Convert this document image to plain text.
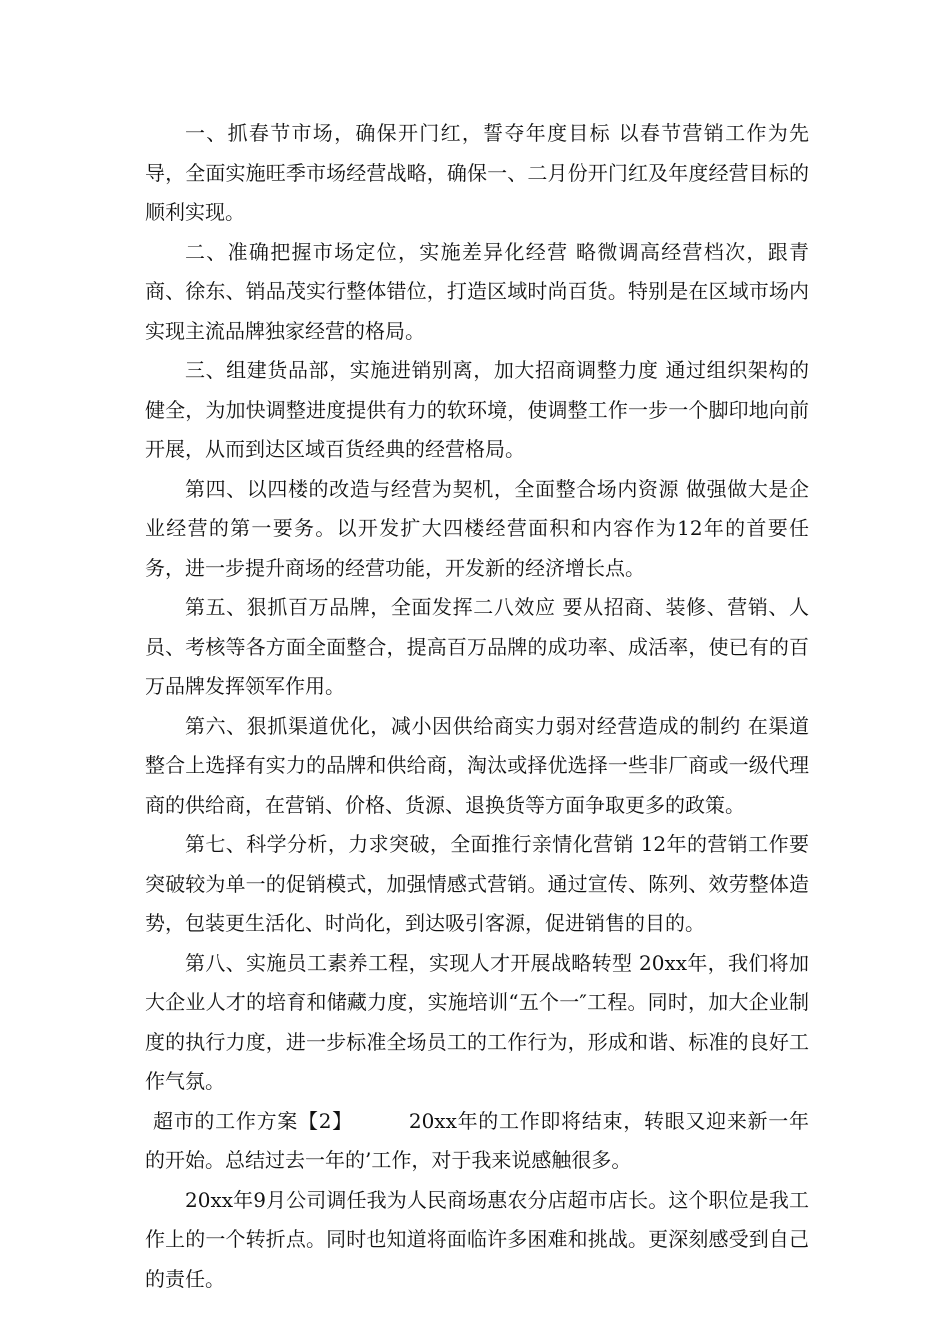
一、抓春节市场，确保开门红，誓夺年度目标 以春节营销工作为先导，全面实施旺季市场经营战略，确保一、二月份开门红及年度经营目标的顺利实现。

二、准确把握市场定位，实施差异化经营 略微调高经营档次，跟青商、徐东、销品茂实行整体错位，打造区域时尚百货。特别是在区域市场内实现主流品牌独家经营的格局。

三、组建货品部，实施进销别离，加大招商调整力度 通过组织架构的健全，为加快调整进度提供有力的软环境，使调整工作一步一个脚印地向前开展，从而到达区域百货经典的经营格局。

第四、以四楼的改造与经营为契机，全面整合场内资源 做强做大是企业经营的第一要务。以开发扩大四楼经营面积和内容作为12年的首要任务，进一步提升商场的经营功能，开发新的经济增长点。

第五、狠抓百万品牌，全面发挥二八效应 要从招商、装修、营销、人员、考核等各方面全面整合，提高百万品牌的成功率、成活率，使已有的百万品牌发挥领军作用。

第六、狠抓渠道优化，减小因供给商实力弱对经营造成的制约 在渠道整合上选择有实力的品牌和供给商，淘汰或择优选择一些非厂商或一级代理商的供给商，在营销、价格、货源、退换货等方面争取更多的政策。

第七、科学分析，力求突破，全面推行亲情化营销 12年的营销工作要突破较为单一的促销模式，加强情感式营销。通过宣传、陈列、效劳整体造势，包装更生活化、时尚化，到达吸引客源，促进销售的目的。

第八、实施员工素养工程，实现人才开展战略转型 20xx年，我们将加大企业人才的培育和储藏力度，实施培训“五个一″工程。同时，加大企业制度的执行力度，进一步标准全场员工的工作行为，形成和谐、标准的良好工作气氛。

超市的工作方案【2】	20xx年的工作即将结束，转眼又迎来新一年的开始。总结过去一年的’工作，对于我来说感触很多。

20xx年9月公司调任我为人民商场惠农分店超市店长。这个职位是我工作上的一个转折点。同时也知道将面临许多困难和挑战。更深刻感受到自己的责任。
